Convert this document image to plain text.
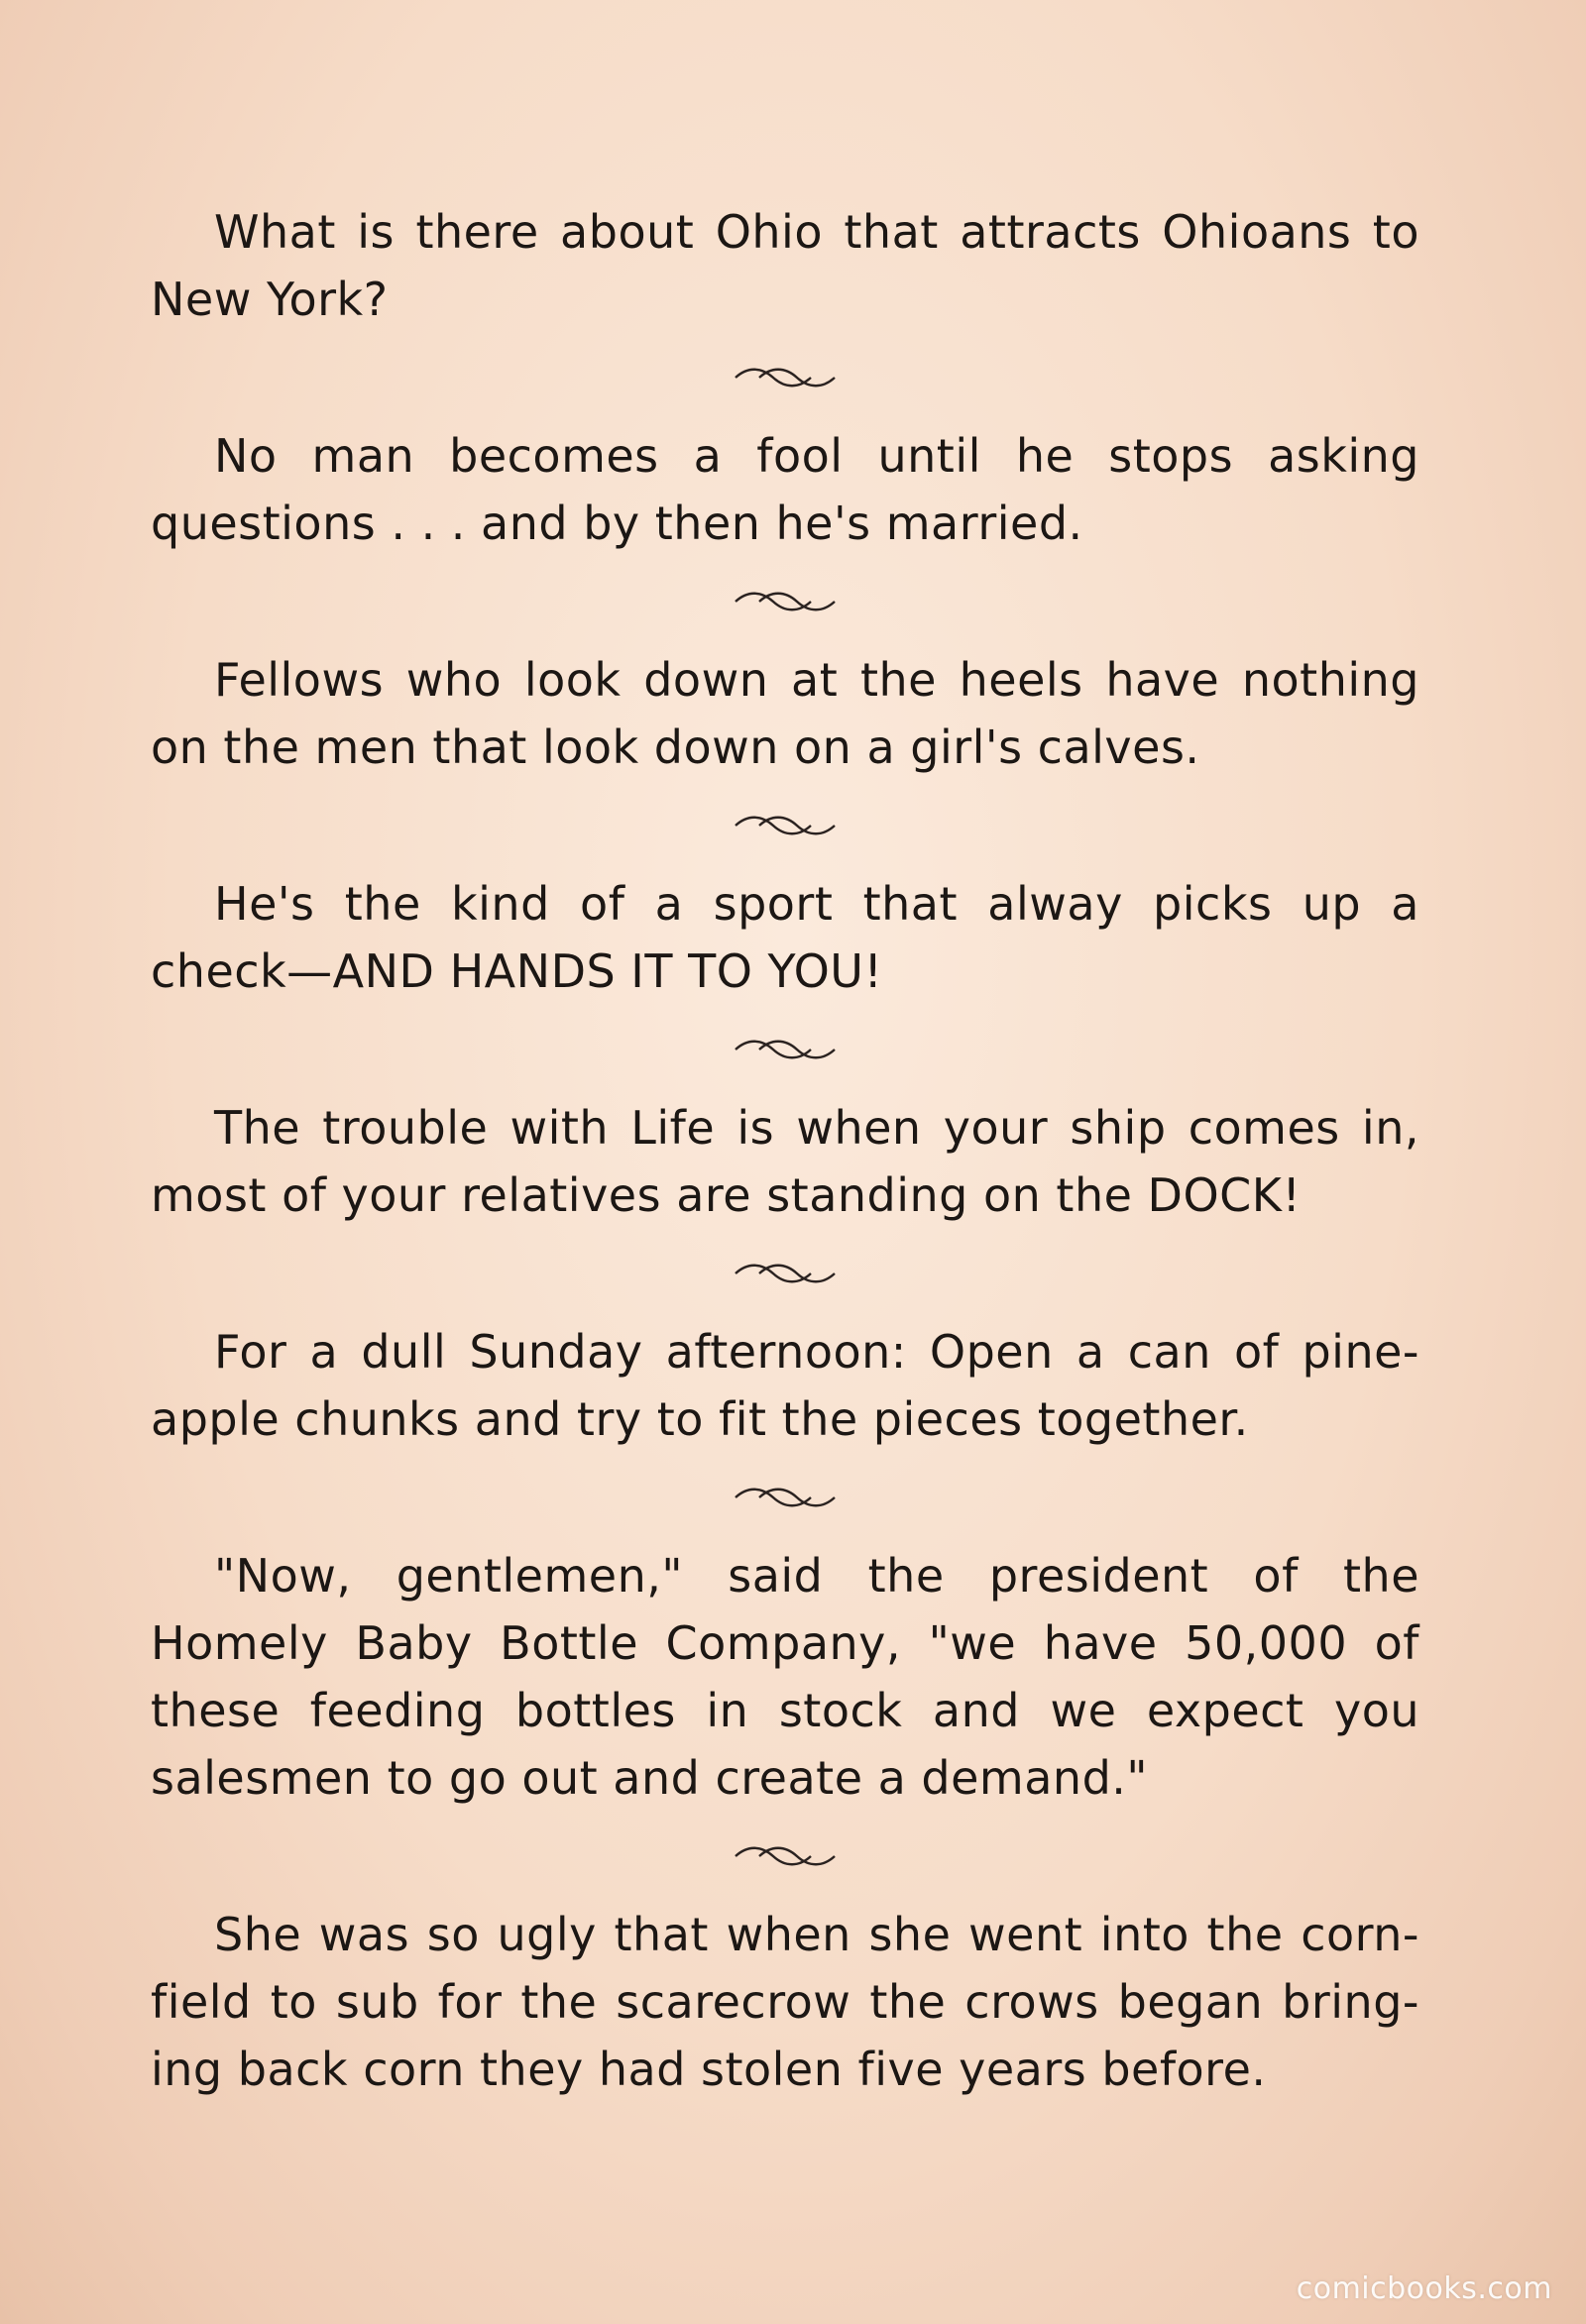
What is there about Ohio that attracts Ohioans to New York?

No man becomes a fool until he stops asking questions . . . and by then he's married.

Fellows who look down at the heels have nothing on the men that look down on a girl's calves.

He's the kind of a sport that alway picks up a check—AND HANDS IT TO YOU!

The trouble with Life is when your ship comes in, most of your relatives are standing on the DOCK!

For a dull Sunday afternoon: Open a can of pine-apple chunks and try to fit the pieces together.

"Now, gentlemen," said the president of the Homely Baby Bottle Company, "we have 50,000 of these feeding bottles in stock and we expect you salesmen to go out and create a demand."

She was so ugly that when she went into the corn-field to sub for the scarecrow the crows began bring-ing back corn they had stolen five years before.

comicbooks.com
